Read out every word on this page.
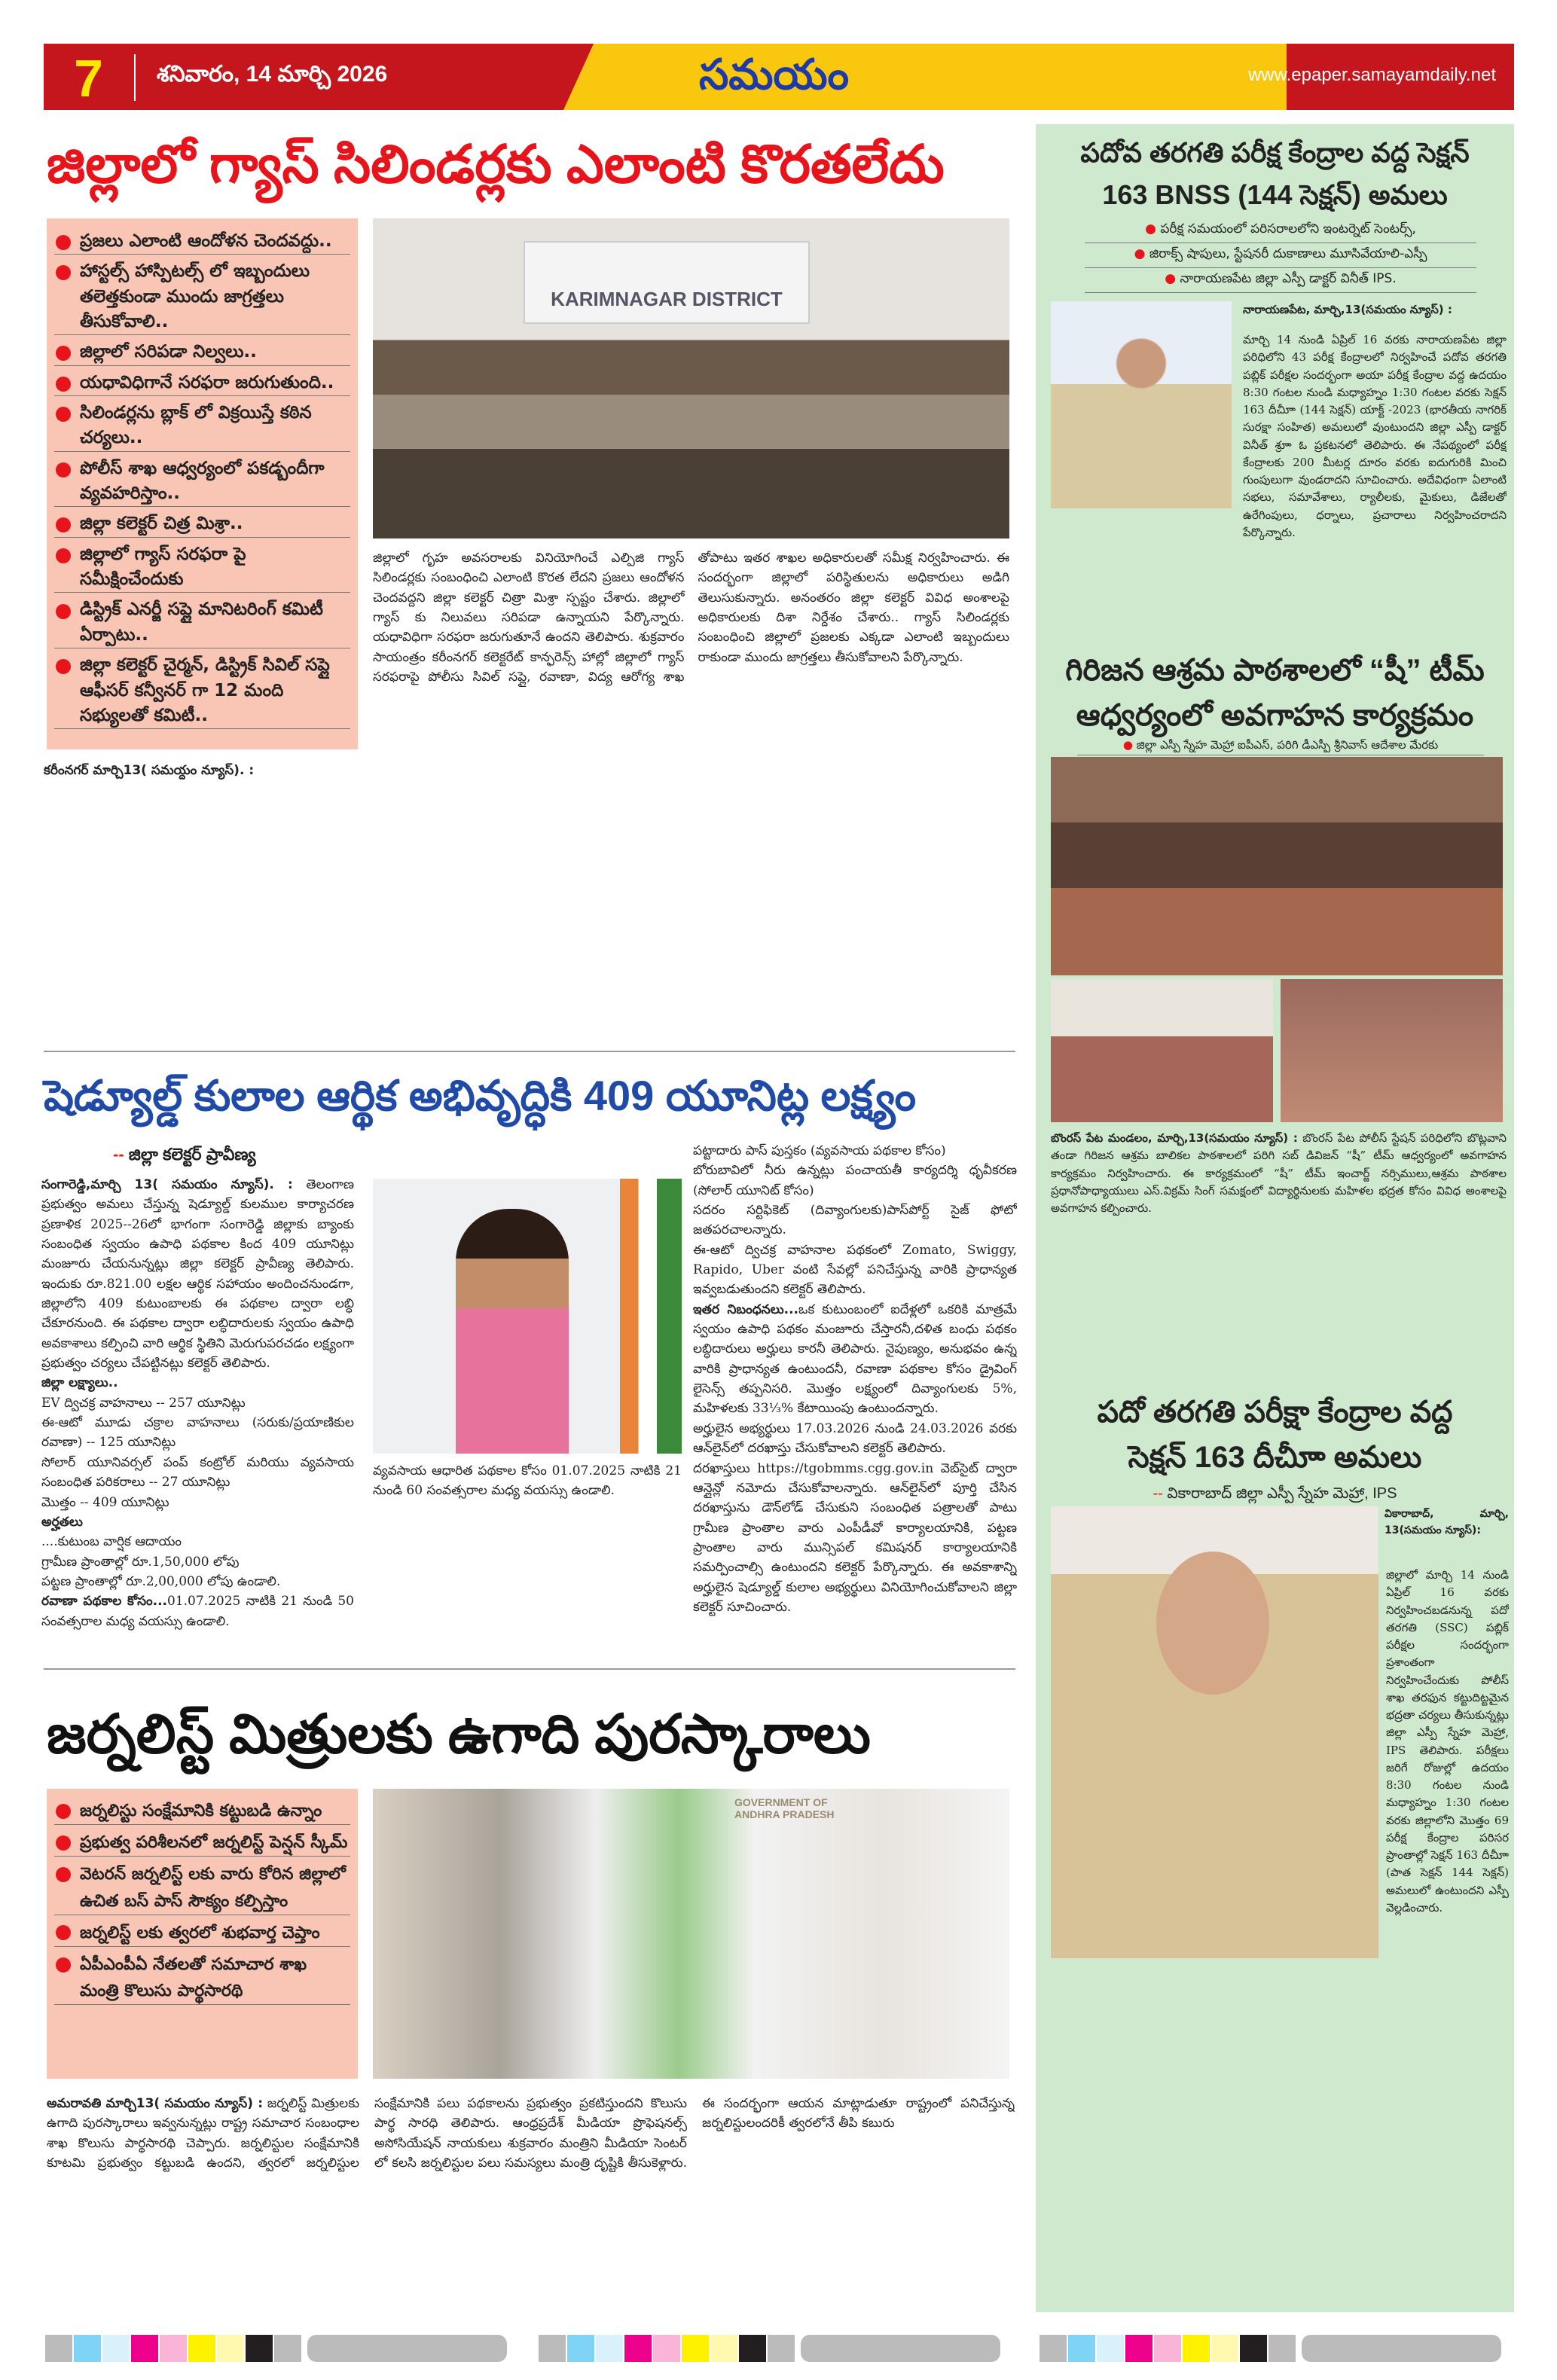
7 శనివారం, 14 మార్చి 2026	సమయం	www.epaper.samayamdaily.net
జిల్లాలో గ్యాస్ సిలిండర్లకు ఎలాంటి కొరతలేదు
ప్రజలు ఎలాంటి ఆందోళన చెందవద్దు..
హాస్టల్స్ హాస్పిటల్స్ లో ఇబ్బందులు తలెత్తకుండా ముందు జాగ్రత్తలు తీసుకోవాలి..
జిల్లాలో సరిపడా నిల్వలు..
యధావిధిగానే సరఫరా జరుగుతుంది..
సిలిండర్లను బ్లాక్ లో విక్రయిస్తే కఠిన చర్యలు..
పోలీస్ శాఖ ఆధ్వర్యంలో పకడ్బందీగా వ్యవహరిస్తాం..
జిల్లా కలెక్టర్ చిత్ర మిశ్రా..
జిల్లాలో గ్యాస్ సరఫరా పై సమీక్షించేందుకు
డిస్ట్రిక్ ఎనర్జీ సప్లై మానిటరింగ్ కమిటీ ఏర్పాటు..
జిల్లా కలెక్టర్ చైర్మన్, డిస్ట్రిక్ సివిల్ సప్లై ఆఫీసర్ కన్వీనర్ గా 12 మంది సభ్యులతో కమిటీ..
KARIMNAGAR DISTRICT

జిల్లాలో గృహ అవసరాలకు వినియోగించే ఎల్పిజి గ్యాస్ సిలిండర్లకు సంబంధించి ఎలాంటి కొరత లేదని ప్రజలు ఆందోళన చెందవద్దని జిల్లా కలెక్టర్ చిత్రా మిశ్రా స్పష్టం చేశారు. జిల్లాలో గ్యాస్ కు నిలువలు సరిపడా ఉన్నాయని పేర్కొన్నారు. యధావిధిగా సరఫరా జరుగుతూనే ఉందని తెలిపారు. శుక్రవారం సాయంత్రం కరీంనగర్ కలెక్టరేట్ కాన్ఫరెన్స్ హాల్లో జిల్లాలో గ్యాస్ సరఫరాపై పోలీసు సివిల్ సప్లై, రవాణా, విద్య ఆరోగ్య శాఖ తోపాటు ఇతర శాఖల అధికారులతో సమీక్ష నిర్వహించారు. ఈ సందర్భంగా జిల్లాలో పరిస్థితులను అధికారులు అడిగి తెలుసుకున్నారు. అనంతరం జిల్లా కలెక్టర్ వివిధ అంశాలపై అధికారులకు దిశా నిర్దేశం చేశారు.. గ్యాస్ సిలిండర్లకు సంబంధించి జిల్లాలో ప్రజలకు ఎక్కడా ఎలాంటి ఇబ్బందులు రాకుండా ముందు జాగ్రత్తలు తీసుకోవాలని పేర్కొన్నారు.

కరీంనగర్ మార్చి13( సమయ్దం న్యూస్). :
షెడ్యూల్డ్ కులాల ఆర్థిక అభివృద్ధికి 409 యూనిట్ల లక్ష్యం
-- జిల్లా కలెక్టర్ ప్రావీణ్య

సంగారెడ్డి,మార్చి 13( సమయం న్యూస్). : తెలంగాణ ప్రభుత్వం అమలు చేస్తున్న షెడ్యూల్డ్ కులముల కార్యాచరణ ప్రణాళిక 2025--26లో భాగంగా సంగారెడ్డి జిల్లాకు బ్యాంకు సంబంధిత స్వయం ఉపాధి పథకాల కింద 409 యూనిట్లు మంజూరు చేయనున్నట్లు జిల్లా కలెక్టర్ ప్రావీణ్య తెలిపారు. ఇందుకు రూ.821.00 లక్షల ఆర్థిక సహాయం అందించనుండగా, జిల్లాలోని 409 కుటుంబాలకు ఈ పథకాల ద్వారా లబ్ధి చేకూరనుంది. ఈ పథకాల ద్వారా లబ్ధిదారులకు స్వయం ఉపాధి అవకాశాలు కల్పించి వారి ఆర్థిక స్థితిని మెరుగుపరచడం లక్ష్యంగా ప్రభుత్వం చర్యలు చేపట్టినట్లు కలెక్టర్ తెలిపారు.

జిల్లా లక్ష్యాలు..

EV ద్విచక్ర వాహనాలు -- 257 యూనిట్లు

ఈ-ఆటో మూడు చక్రాల వాహనాలు (సరుకు/ప్రయాణికుల రవాణా) -- 125 యూనిట్లు

సోలార్ యూనివర్సల్ పంప్ కంట్రోల్ మరియు వ్యవసాయ సంబంధిత పరికరాలు -- 27 యూనిట్లు

మొత్తం -- 409 యూనిట్లు

అర్హతలు

....కుటుంబ వార్షిక ఆదాయం

గ్రామీణ ప్రాంతాల్లో రూ.1,50,000 లోపు

పట్టణ ప్రాంతాల్లో రూ.2,00,000 లోపు ఉండాలి.

రవాణా పథకాల కోసం...01.07.2025 నాటికి 21 నుండి 50 సంవత్సరాల మధ్య వయస్సు ఉండాలి.

వ్యవసాయ ఆధారిత పథకాల కోసం 01.07.2025 నాటికి 21 నుండి 60 సంవత్సరాల మధ్య వయస్సు ఉండాలి.

పట్టాదారు పాస్ పుస్తకం (వ్యవసాయ పథకాల కోసం)

బోరుబావిలో నీరు ఉన్నట్లు పంచాయతీ కార్యదర్శి ధృవీకరణ (సోలార్ యూనిట్ కోసం)

సదరం సర్టిఫికెట్ (దివ్యాంగులకు)పాస్‌పోర్ట్ సైజ్ ఫోటో జతపరచాలన్నారు.

ఈ-ఆటో ద్విచక్ర వాహనాల పథకంలో Zomato, Swiggy, Rapido, Uber వంటి సేవల్లో పనిచేస్తున్న వారికి ప్రాధాన్యత ఇవ్వబడుతుందని కలెక్టర్ తెలిపారు.

ఇతర నిబంధనలు...ఒక కుటుంబంలో ఐదేళ్లలో ఒకరికి మాత్రమే స్వయం ఉపాధి పథకం మంజూరు చేస్తారనీ,దళిత బంధు పథకం లబ్ధిదారులు అర్హులు కారనీ తెలిపారు. నైపుణ్యం, అనుభవం ఉన్న వారికి ప్రాధాన్యత ఉంటుందనీ, రవాణా పథకాల కోసం డ్రైవింగ్ లైసెన్స్ తప్పనిసరి. మొత్తం లక్ష్యంలో దివ్యాంగులకు 5%, మహిళలకు 33⅓% కేటాయింపు ఉంటుందన్నారు.

అర్హులైన అభ్యర్థులు 17.03.2026 నుండి 24.03.2026 వరకు ఆన్‌లైన్‌లో దరఖాస్తు చేసుకోవాలని కలెక్టర్ తెలిపారు.

దరఖాస్తులు https://tgobmms.cgg.gov.in వెబ్‌సైట్ ద్వారా ఆన్లైన్లో నమోదు చేసుకోవాలన్నారు. ఆన్‌లైన్‌లో పూర్తి చేసిన దరఖాస్తును డౌన్‌లోడ్ చేసుకుని సంబంధిత పత్రాలతో పాటు గ్రామీణ ప్రాంతాల వారు ఎంపీడీవో కార్యాలయానికి, పట్టణ ప్రాంతాల వారు మున్సిపల్ కమిషనర్ కార్యాలయానికి సమర్పించాల్సి ఉంటుందని కలెక్టర్ పేర్కొన్నారు. ఈ అవకాశాన్ని అర్హులైన షెడ్యూల్డ్ కులాల అభ్యర్థులు వినియోగించుకోవాలని జిల్లా కలెక్టర్ సూచించారు.

జర్నలిస్ట్ మిత్రులకు ఉగాది పురస్కారాలు
జర్నలిస్టు సంక్షేమానికి కట్టుబడి ఉన్నాం
ప్రభుత్వ పరిశీలనలో జర్నలిస్ట్ పెన్షన్ స్కీమ్
వెటరన్ జర్నలిస్ట్ లకు వారు కోరిన జిల్లాలో ఉచిత బస్ పాస్ సౌక్యం కల్పిస్తాం
జర్నలిస్ట్ లకు త్వరలో శుభవార్త చెప్తాం
ఏపీఎంపీఏ నేతలతో సమాచార శాఖ మంత్రి కొలుసు పార్థసారథి
GOVERNMENT OF ANDHRA PRADESH

అమరావతి మార్చి13( సమయం న్యూస్) : జర్నలిస్ట్ మిత్రులకు ఉగాది పురస్కారాలు ఇవ్వనున్నట్లు రాష్ట్ర సమాచార సంబంధాల శాఖ కొలుసు పార్థసారథి చెప్పారు. జర్నలిస్టుల సంక్షేమానికి కూటమి ప్రభుత్వం కట్టుబడి ఉందని, త్వరలో జర్నలిస్టుల సంక్షేమానికి పలు పథకాలను ప్రభుత్వం ప్రకటిస్తుందని కొలుసు పార్థ సారధి తెలిపారు. ఆంధ్రప్రదేశ్ మీడియా ప్రొఫెషనల్స్ అసోసియేషన్ నాయకులు శుక్రవారం మంత్రిని మీడియా సెంటర్ లో కలసి జర్నలిస్టుల పలు సమస్యలు మంత్రి దృష్టికి తీసుకెళ్లారు. ఈ సందర్భంగా ఆయన మాట్లాడుతూ రాష్ట్రంలో పనిచేస్తున్న జర్నలిస్టులందరికీ త్వరలోనే తీపి కబురు

పదోవ తరగతి పరీక్ష కేంద్రాల వద్ద సెక్షన్
163 BNSS (144 సెక్షన్) అమలు
● పరీక్ష సమయంలో పరిసరాలలోని ఇంటర్నెట్ సెంటర్స్,
● జిరాక్స్ షాపులు, స్టేషనరీ దుకాణాలు మూసివేయాలి-ఎస్పీ
● నారాయణపేట జిల్లా ఎస్పీ డాక్టర్ వినీత్ IPS.
నారాయణపేట, మార్చి,13(సమయం న్యూస్) :

మార్చి 14 నుండి ఏప్రిల్ 16 వరకు నారాయణపేట జిల్లా పరిధిలోని 43 పరీక్ష కేంద్రాలలో నిర్వహించే పదోవ తరగతి పబ్లిక్ పరీక్షల సందర్భంగా అయా పరీక్ష కేంద్రాల వద్ద ఉదయం 8:30 గంటల నుండి మధ్యాహ్నం 1:30 గంటల వరకు సెక్షన్ 163 దీచీూా (144 సెక్షన్) యాక్ట్ -2023 (భారతీయ నాగరిక్ సురక్షా సంహిత) అమలులో వుంటుందని జిల్లా ఎస్పీ డాక్టర్ వినీత్ శ్రూా ఓ ప్రకటనలో తెలిపారు. ఈ నేపథ్యంలో పరీక్ష కేంద్రాలకు 200 మీటర్ల దూరం వరకు ఐదుగురికి మించి గుంపులుగా వుండరాదని సూచించారు. అదేవిధంగా ఏలాంటి సభలు, సమావేశాలు, ర్యాలీలకు, మైకులు, డిజేలతో ఉరేగింపులు, ధర్నాలు, ప్రచారాలు నిర్వహించరాదని పేర్కొన్నారు.

గిరిజన ఆశ్రమ పాఠశాలలో “షీ” టీమ్
ఆధ్వర్యంలో అవగాహన కార్యక్రమం
● జిల్లా ఎస్పీ స్నేహ మెహ్రా ఐపీఎస్, పరిగి డీఎస్పీ శ్రీనివాస్ ఆదేశాల మేరకు

బొంరస్ పేట మండలం, మార్చి,13(సమయం న్యూస్) : బొంరస్ పేట పోలీస్ స్టేషన్ పరిధిలోని బొట్లవాని తండా గిరిజన ఆశ్రమ బాలికల పాఠశాలలో పరిగి సబ్ డివిజన్ “షీ” టీమ్ ఆధ్వర్యంలో అవగాహన కార్యక్రమం నిర్వహించారు. ఈ కార్యక్రమంలో “షీ” టీమ్ ఇంచార్జ్ నర్సిములు,ఆశ్రమ పాఠశాల ప్రధానోపాధ్యాయులు ఎస్.విక్రమ్ సింగ్ సమక్షంలో విద్యార్థినులకు మహిళల భద్రత కోసం వివిధ అంశాలపై అవగాహన కల్పించారు.

పదో తరగతి పరీక్షా కేంద్రాల వద్ద
సెక్షన్ 163 దీచీూా అమలు
-- వికారాబాద్ జిల్లా ఎస్పీ స్నేహ మెహ్రా, IPS
వికారాబాద్, మార్చి, 13(సమయం న్యూస్):

జిల్లాలో మార్చి 14 నుండి ఏప్రిల్ 16 వరకు నిర్వహించబడనున్న పదో తరగతి (SSC) పబ్లిక్ పరీక్షల సందర్భంగా ప్రశాంతంగా నిర్వహించేందుకు పోలీస్ శాఖ తరఫున కట్టుదిట్టమైన భద్రతా చర్యలు తీసుకున్నట్లు జిల్లా ఎస్పీ స్నేహ మెహ్రా, IPS తెలిపారు. పరీక్షలు జరిగే రోజుల్లో ఉదయం 8:30 గంటల నుండి మధ్యాహ్నం 1:30 గంటల వరకు జిల్లాలోని మొత్తం 69 పరీక్ష కేంద్రాల పరిసర ప్రాంతాల్లో సెక్షన్ 163 దీచీూా (పాత సెక్షన్ 144 సెక్షన్) అమలులో ఉంటుందని ఎస్పీ వెల్లడించారు.
